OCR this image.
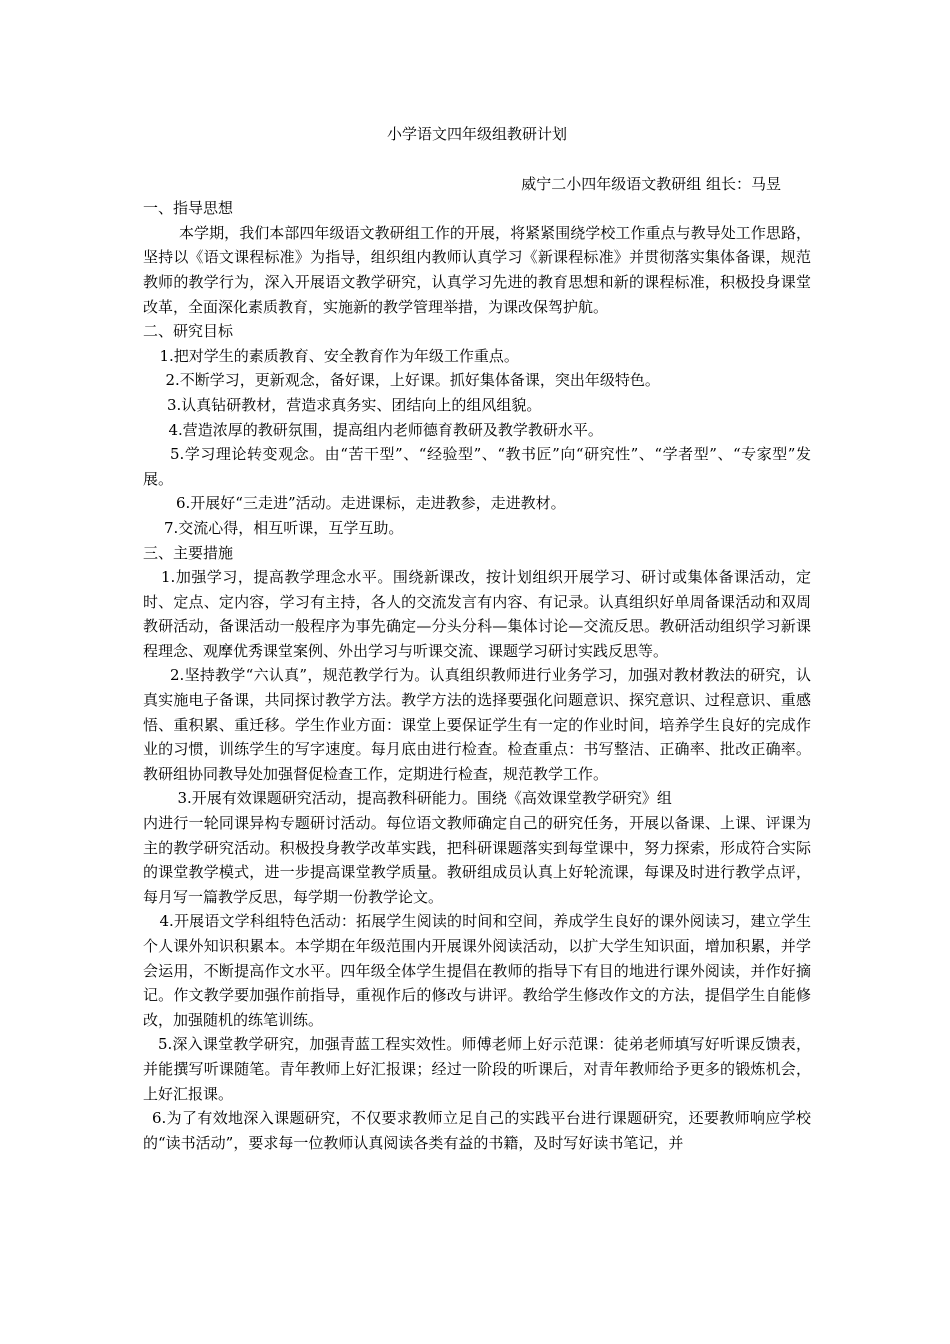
小学语文四年级组教研计划
威宁二小四年级语文教研组 组长：马昱
一、指导思想

本学期，我们本部四年级语文教研组工作的开展，将紧紧围绕学校工作重点与教导处工作思路，坚持以《语文课程标准》为指导，组织组内教师认真学习《新课程标准》并贯彻落实集体备课，规范教师的教学行为，深入开展语文教学研究，认真学习先进的教育思想和新的课程标准，积极投身课堂改革，全面深化素质教育，实施新的教学管理举措，为课改保驾护航。

二、研究目标

1.把对学生的素质教育、安全教育作为年级工作重点。

2.不断学习，更新观念，备好课，上好课。抓好集体备课，突出年级特色。

3.认真钻研教材，营造求真务实、团结向上的组风组貌。

4.营造浓厚的教研氛围，提高组内老师德育教研及教学教研水平。

5.学习理论转变观念。由“苦干型”、“经验型”、“教书匠”向“研究性”、“学者型”、“专家型”发展。

6.开展好“三走进”活动。走进课标，走进教参，走进教材。

7.交流心得，相互听课，互学互助。

三、主要措施

1.加强学习，提高教学理念水平。围绕新课改，按计划组织开展学习、研讨或集体备课活动，定时、定点、定内容，学习有主持，各人的交流发言有内容、有记录。认真组织好单周备课活动和双周教研活动，备课活动一般程序为事先确定—分头分科—集体讨论—交流反思。教研活动组织学习新课程理念、观摩优秀课堂案例、外出学习与听课交流、课题学习研讨实践反思等。

2.坚持教学“六认真”，规范教学行为。认真组织教师进行业务学习，加强对教材教法的研究，认真实施电子备课，共同探讨教学方法。教学方法的选择要强化问题意识、探究意识、过程意识、重感悟、重积累、重迁移。学生作业方面：课堂上要保证学生有一定的作业时间，培养学生良好的完成作业的习惯，训练学生的写字速度。每月底由进行检查。检查重点：书写整洁、正确率、批改正确率。教研组协同教导处加强督促检查工作，定期进行检查，规范教学工作。

3.开展有效课题研究活动，提高教科研能力。围绕《高效课堂教学研究》组

内进行一轮同课异构专题研讨活动。每位语文教师确定自己的研究任务，开展以备课、上课、评课为主的教学研究活动。积极投身教学改革实践，把科研课题落实到每堂课中，努力探索，形成符合实际的课堂教学模式，进一步提高课堂教学质量。教研组成员认真上好轮流课，每课及时进行教学点评，每月写一篇教学反思，每学期一份教学论文。

4.开展语文学科组特色活动：拓展学生阅读的时间和空间，养成学生良好的课外阅读习，建立学生个人课外知识积累本。本学期在年级范围内开展课外阅读活动，以扩大学生知识面，增加积累，并学会运用，不断提高作文水平。四年级全体学生提倡在教师的指导下有目的地进行课外阅读，并作好摘记。作文教学要加强作前指导，重视作后的修改与讲评。教给学生修改作文的方法，提倡学生自能修改，加强随机的练笔训练。

5.深入课堂教学研究，加强青蓝工程实效性。师傅老师上好示范课：徒弟老师填写好听课反馈表，并能撰写听课随笔。青年教师上好汇报课；经过一阶段的听课后，对青年教师给予更多的锻炼机会，上好汇报课。

6.为了有效地深入课题研究，不仅要求教师立足自己的实践平台进行课题研究，还要教师响应学校的“读书活动”，要求每一位教师认真阅读各类有益的书籍，及时写好读书笔记，并
